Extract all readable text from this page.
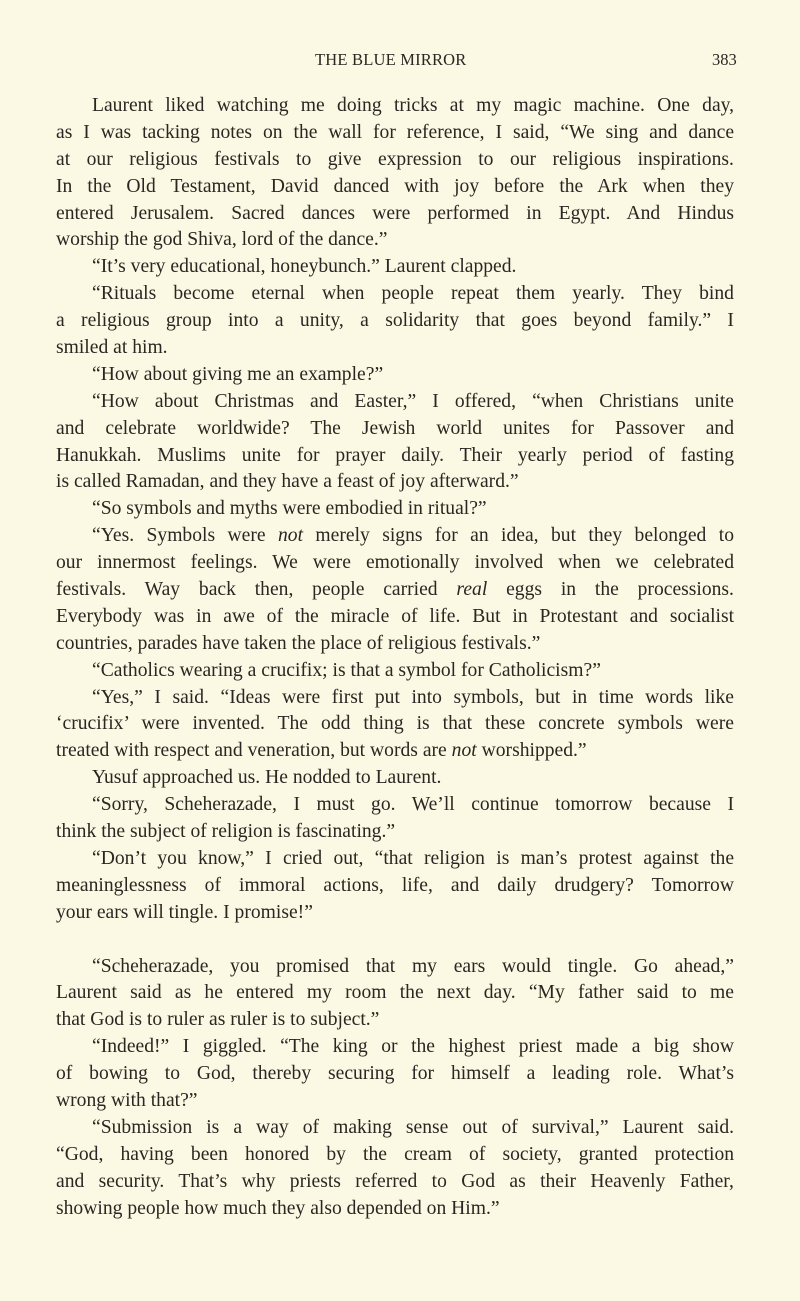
THE BLUE MIRROR	383
Laurent liked watching me doing tricks at my magic machine. One day,
as I was tacking notes on the wall for reference, I said, “We sing and dance
at our religious festivals to give expression to our religious inspirations.
In the Old Testament, David danced with joy before the Ark when they
entered Jerusalem. Sacred dances were performed in Egypt. And Hindus
worship the god Shiva, lord of the dance.”
“It’s very educational, honeybunch.” Laurent clapped.
“Rituals become eternal when people repeat them yearly. They bind
a religious group into a unity, a solidarity that goes beyond family.” I
smiled at him.
“How about giving me an example?”
“How about Christmas and Easter,” I offered, “when Christians unite
and celebrate worldwide? The Jewish world unites for Passover and
Hanukkah. Muslims unite for prayer daily. Their yearly period of fasting
is called Ramadan, and they have a feast of joy afterward.”
“So symbols and myths were embodied in ritual?”
“Yes. Symbols were not merely signs for an idea, but they belonged to
our innermost feelings. We were emotionally involved when we celebrated
festivals. Way back then, people carried real eggs in the processions.
Everybody was in awe of the miracle of life. But in Protestant and socialist
countries, parades have taken the place of religious festivals.”
“Catholics wearing a crucifix; is that a symbol for Catholicism?”
“Yes,” I said. “Ideas were first put into symbols, but in time words like
‘crucifix’ were invented. The odd thing is that these concrete symbols were
treated with respect and veneration, but words are not worshipped.”
Yusuf approached us. He nodded to Laurent.
“Sorry, Scheherazade, I must go. We’ll continue tomorrow because I
think the subject of religion is fascinating.”
“Don’t you know,” I cried out, “that religion is man’s protest against the
meaninglessness of immoral actions, life, and daily drudgery? Tomorrow
your ears will tingle. I promise!”
“Scheherazade, you promised that my ears would tingle. Go ahead,”
Laurent said as he entered my room the next day. “My father said to me
that God is to ruler as ruler is to subject.”
“Indeed!” I giggled. “The king or the highest priest made a big show
of bowing to God, thereby securing for himself a leading role. What’s
wrong with that?”
“Submission is a way of making sense out of survival,” Laurent said.
“God, having been honored by the cream of society, granted protection
and security. That’s why priests referred to God as their Heavenly Father,
showing people how much they also depended on Him.”
